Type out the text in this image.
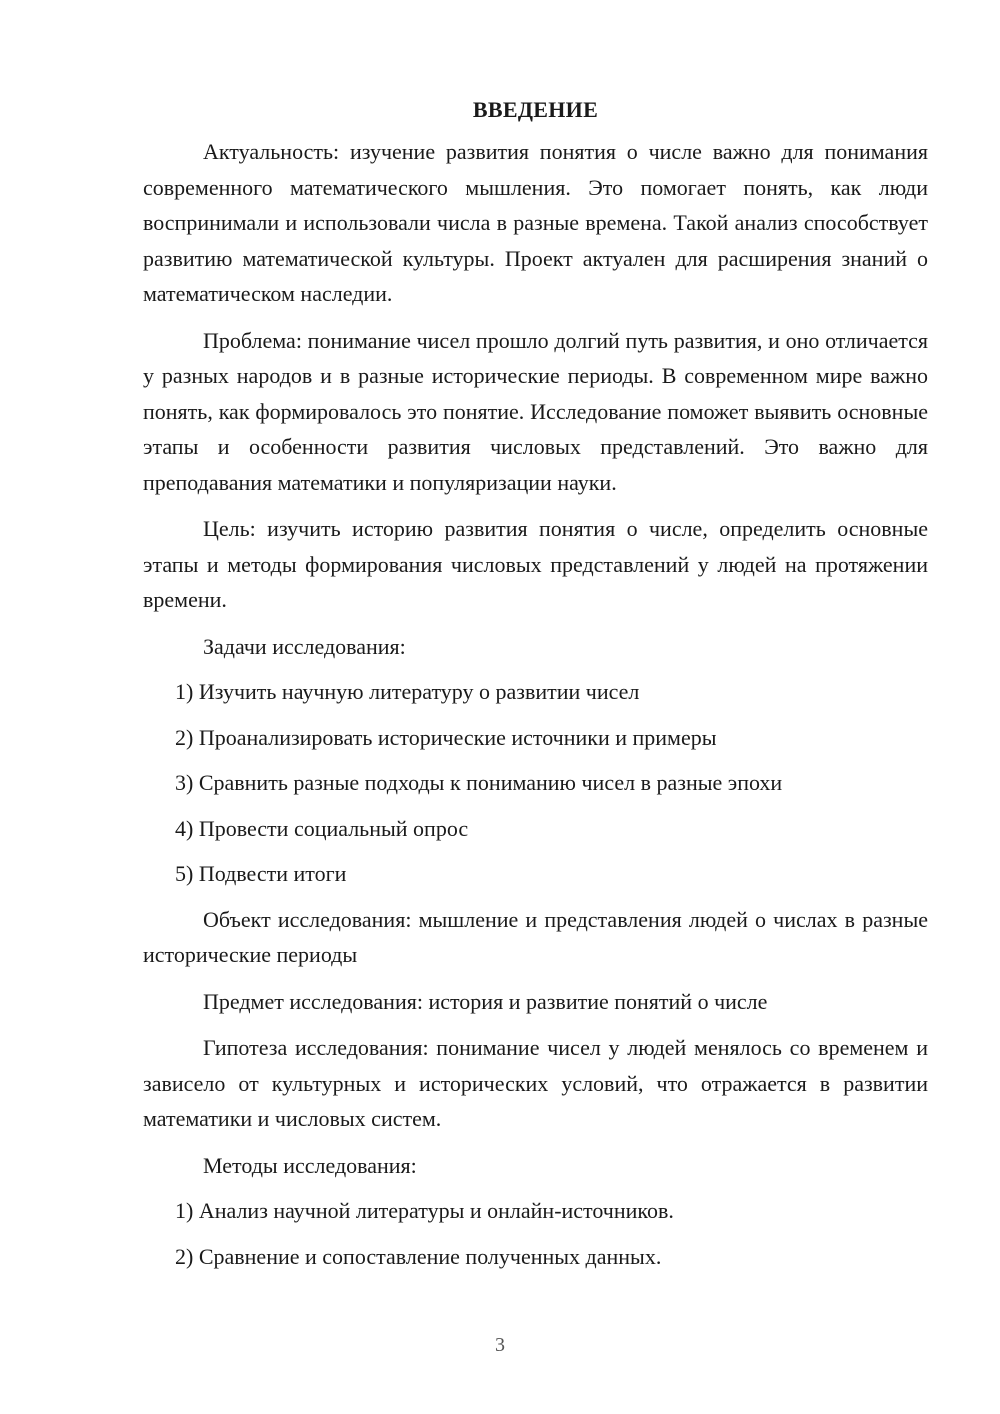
ВВЕДЕНИЕ

Актуальность: изучение развития понятия о числе важно для понимания современного математического мышления. Это помогает понять, как люди воспринимали и использовали числа в разные времена. Такой анализ способствует развитию математической культуры. Проект актуален для расширения знаний о математическом наследии.

Проблема: понимание чисел прошло долгий путь развития, и оно отличается у разных народов и в разные исторические периоды. В современном мире важно понять, как формировалось это понятие. Исследование поможет выявить основные этапы и особенности развития числовых представлений. Это важно для преподавания математики и популяризации науки.

Цель: изучить историю развития понятия о числе, определить основные этапы и методы формирования числовых представлений у людей на протяжении времени.

Задачи исследования:
1) Изучить научную литературу о развитии чисел
2) Проанализировать исторические источники и примеры
3) Сравнить разные подходы к пониманию чисел в разные эпохи
4) Провести социальный опрос
5) Подвести итоги

Объект исследования: мышление и представления людей о числах в разные исторические периоды

Предмет исследования: история и развитие понятий о числе

Гипотеза исследования: понимание чисел у людей менялось со временем и зависело от культурных и исторических условий, что отражается в развитии математики и числовых систем.

Методы исследования:
1) Анализ научной литературы и онлайн-источников.
2) Сравнение и сопоставление полученных данных.
3
